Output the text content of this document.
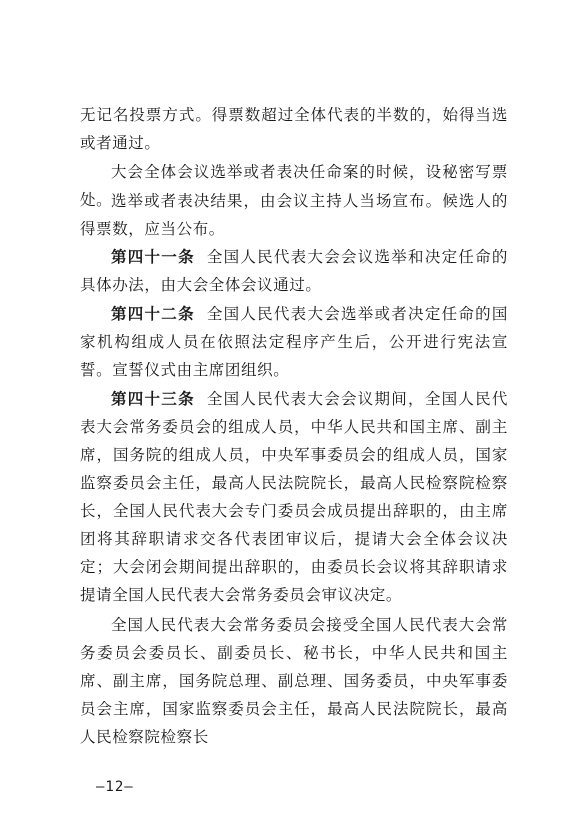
无记名投票方式。得票数超过全体代表的半数的，始得当选或者通过。

大会全体会议选举或者表决任命案的时候，设秘密写票处。

选举或者表决结果，由会议主持人当场宣布。候选人的得票数，应当公布。

第四十一条 全国人民代表大会会议选举和决定任命的具体办法，由大会全体会议通过。

第四十二条 全国人民代表大会选举或者决定任命的国家机构组成人员在依照法定程序产生后，公开进行宪法宣誓。宣誓仪式由主席团组织。

第四十三条 全国人民代表大会会议期间，全国人民代表大会常务委员会的组成人员，中华人民共和国主席、副主席，国务院的组成人员，中央军事委员会的组成人员，国家监察委员会主任，最高人民法院院长，最高人民检察院检察长，全国人民代表大会专门委员会成员提出辞职的，由主席团将其辞职请求交各代表团审议后，提请大会全体会议决定；大会闭会期间提出辞职的，由委员长会议将其辞职请求提请全国人民代表大会常务委员会审议决定。

全国人民代表大会常务委员会接受全国人民代表大会常务委员会委员长、副委员长、秘书长，中华人民共和国主席、副主席，国务院总理、副总理、国务委员，中央军事委员会主席，国家监察委员会主任，最高人民法院院长，最高人民检察院检察长

—12—
